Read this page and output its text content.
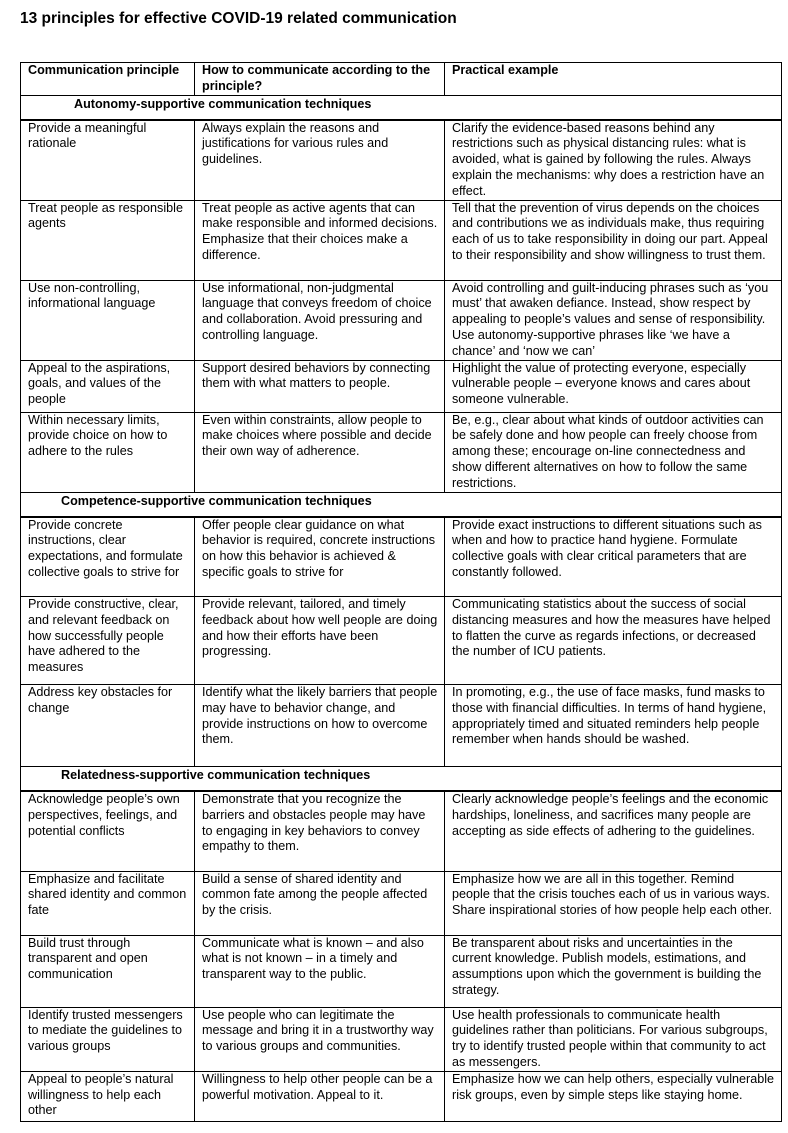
13 principles for effective COVID-19 related communication
Communication principle	How to communicate according to the principle?	Practical example
Autonomy-supportive communication techniques		
Provide a meaningful rationale	Always explain the reasons and justifications for various rules and guidelines.	Clarify the evidence-based reasons behind any restrictions such as physical distancing rules: what is avoided, what is gained by following the rules. Always explain the mechanisms: why does a restriction have an effect.
Treat people as responsible agents	Treat people as active agents that can make responsible and informed decisions. Emphasize that their choices make a difference.	Tell that the prevention of virus depends on the choices and contributions we as individuals make, thus requiring each of us to take responsibility in doing our part. Appeal to their responsibility and show willingness to trust them.
Use non-controlling, informational language	Use informational, non-judgmental language that conveys freedom of choice and collaboration. Avoid pressuring and controlling language.	Avoid controlling and guilt-inducing phrases such as ‘you must’ that awaken defiance. Instead, show respect by appealing to people’s values and sense of responsibility. Use autonomy-supportive phrases like ‘we have a chance’ and ‘now we can’
Appeal to the aspirations, goals, and values of the people	Support desired behaviors by connecting them with what matters to people.	Highlight the value of protecting everyone, especially vulnerable people – everyone knows and cares about someone vulnerable.
Within necessary limits, provide choice on how to adhere to the rules	Even within constraints, allow people to make choices where possible and decide their own way of adherence.	Be, e.g., clear about what kinds of outdoor activities can be safely done and how people can freely choose from among these; encourage on-line connectedness and show different alternatives on how to follow the same restrictions.
Competence-supportive communication techniques		
Provide concrete instructions, clear expectations, and formulate collective goals to strive for	Offer people clear guidance on what behavior is required, concrete instructions on how this behavior is achieved & specific goals to strive for	Provide exact instructions to different situations such as when and how to practice hand hygiene. Formulate collective goals with clear critical parameters that are constantly followed.
Provide constructive, clear, and relevant feedback on how successfully people have adhered to the measures	Provide relevant, tailored, and timely feedback about how well people are doing and how their efforts have been progressing.	Communicating statistics about the success of social distancing measures and how the measures have helped to flatten the curve as regards infections, or decreased the number of ICU patients.
Address key obstacles for change	Identify what the likely barriers that people may have to behavior change, and provide instructions on how to overcome them.	In promoting, e.g., the use of face masks, fund masks to those with financial difficulties. In terms of hand hygiene, appropriately timed and situated reminders help people remember when hands should be washed.
Relatedness-supportive communication techniques		
Acknowledge people’s own perspectives, feelings, and potential conflicts	Demonstrate that you recognize the barriers and obstacles people may have to engaging in key behaviors to convey empathy to them.	Clearly acknowledge people’s feelings and the economic hardships, loneliness, and sacrifices many people are accepting as side effects of adhering to the guidelines.
Emphasize and facilitate shared identity and common fate	Build a sense of shared identity and common fate among the people affected by the crisis.	Emphasize how we are all in this together. Remind people that the crisis touches each of us in various ways. Share inspirational stories of how people help each other.
Build trust through transparent and open communication	Communicate what is known – and also what is not known – in a timely and transparent way to the public.	Be transparent about risks and uncertainties in the current knowledge. Publish models, estimations, and assumptions upon which the government is building the strategy.
Identify trusted messengers to mediate the guidelines to various groups	Use people who can legitimate the message and bring it in a trustworthy way to various groups and communities.	Use health professionals to communicate health guidelines rather than politicians. For various subgroups, try to identify trusted people within that community to act as messengers.
Appeal to people’s natural willingness to help each other	Willingness to help other people can be a powerful motivation. Appeal to it.	Emphasize how we can help others, especially vulnerable risk groups, even by simple steps like staying home.
